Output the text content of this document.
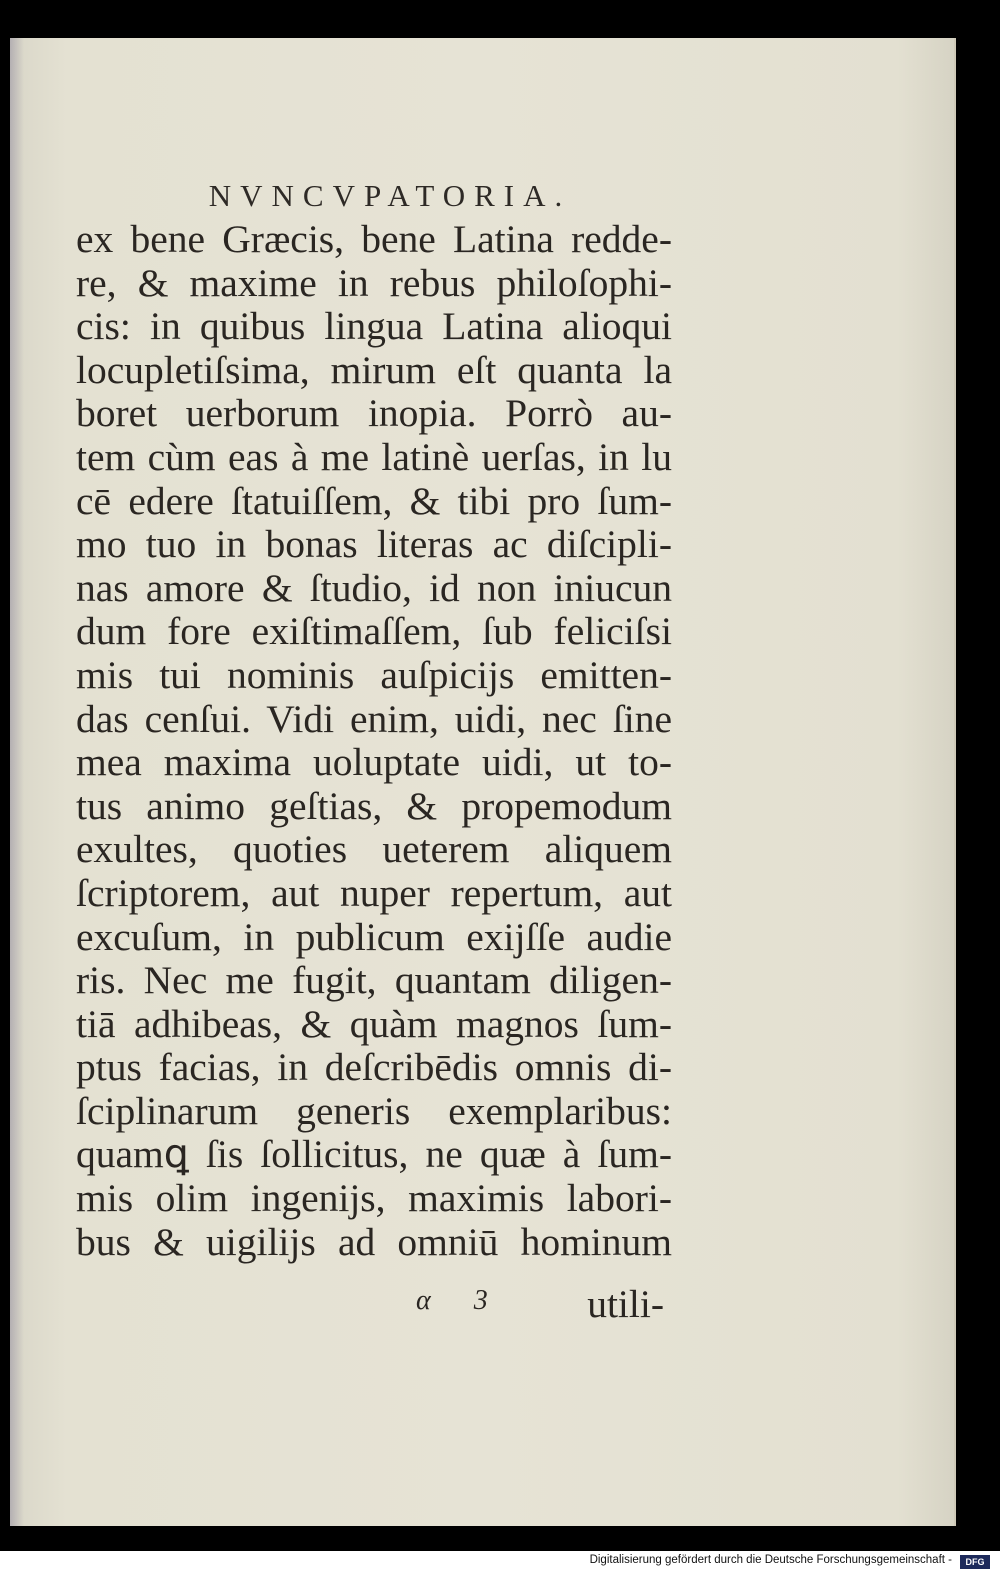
NVNCVPATORIA.
ex bene Græcis, bene Latina redde-
re, & maxime in rebus philoſophi-
cis: in quibus lingua Latina alioqui
locupletiſsima, mirum eſt quanta la
boret uerborum inopia. Porrò au-
tem cùm eas à me latinè uerſas, in lu
cē edere ſtatuiſſem, & tibi pro ſum-
mo tuo in bonas literas ac diſcipli-
nas amore & ſtudio, id non iniucun
dum fore exiſtimaſſem, ſub feliciſsi
mis tui nominis auſpicijs emitten-
das cenſui. Vidi enim, uidi, nec ſine
mea maxima uoluptate uidi, ut to-
tus animo geſtias, & propemodum
exultes, quoties ueterem aliquem
ſcriptorem, aut nuper repertum, aut
excuſum, in publicum exijſſe audie
ris. Nec me fugit, quantam diligen-
tiā adhibeas, & quàm magnos ſum-
ptus facias, in deſcribēdis omnis di-
ſciplinarum generis exemplaribus:
quamꝗ ſis ſollicitus, ne quæ à ſum-
mis olim ingenijs, maximis labori-
bus & uigilijs ad omniū hominum
α 3 utili-
Digitalisierung gefördert durch die Deutsche Forschungsgemeinschaft -	DFG
